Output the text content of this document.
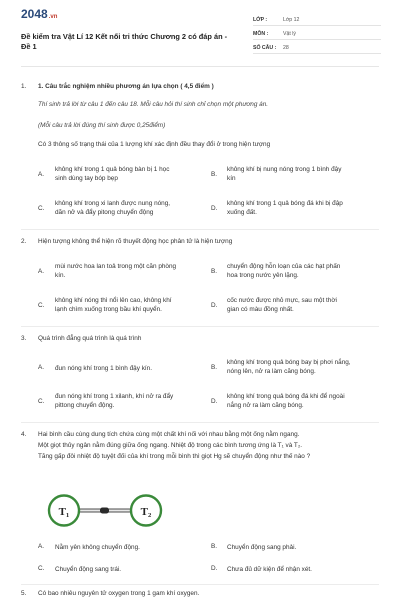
2048.vn
Đề kiểm tra Vật Lí 12 Kết nối tri thức Chương 2 có đáp án -
Đề 1
LỚP :	Lớp 12
MÔN :	Vật lý
SỐ CÂU : 28
1. 1. Câu trắc nghiệm nhiều phương án lựa chọn ( 4,5 điểm )
Thí sinh trả lời từ câu 1 đến câu 18. Mỗi câu hỏi thí sinh chỉ chọn một phương án.
(Mỗi câu trả lời đúng thí sinh được 0,25điểm)
Có 3 thông số trạng thái của 1 lượng khí xác định đều thay đổi ở trong hiện tượng
A.
không khí trong 1 quả bóng bàn bị 1 học
sinh dùng tay bóp bẹp
B.
không khí bị nung nóng trong 1 bình đậy
kín
C.
không khí trong xi lanh được nung nóng,
dãn nở và đẩy pitong chuyển động
D.
không khí trong 1 quả bóng đá khi bị đập
xuống đất.
2. Hiện tượng không thể hiện rõ thuyết động học phân tử là hiện tượng
A.
mùi nước hoa lan toả trong một căn phòng
kín.
B.
chuyển động hỗn loạn của các hạt phấn
hoa trong nước yên lặng.
C.
không khí nóng thì nổi lên cao, không khí
lạnh chìm xuống trong bầu khí quyển.
D.
cốc nước được nhỏ mực, sau một thời
gian có màu đồng nhất.
3. Quá trình đẳng quá trình là quá trình
A. đun nóng khí trong 1 bình đậy kín.	B.
không khí trong quả bóng bay bị phơi nắng,
nóng lên, nở ra làm căng bóng.
C.
đun nóng khí trong 1 xilanh, khí nở ra đẩy
pittong chuyển động.
D.
không khí trong quả bóng đá khi để ngoài
nắng nở ra làm căng bóng.
4. Hai bình cầu cùng dung tích chứa cùng một chất khí nối với nhau bằng một ống nằm ngang.
Một giọt thủy ngân nằm đúng giữa ống ngang. Nhiệt độ trong các bình tương ứng là T₁ và T₂.
Tăng gấp đôi nhiệt độ tuyệt đối của khí trong mỗi bình thì giọt Hg sẽ chuyển động như thế nào ?
T₁	T₂
A. Nằm yên không chuyển động.	B. Chuyển động sang phải.
C. Chuyển động sang trái.	D. Chưa đủ dữ kiện để nhận xét.
5. Có bao nhiêu nguyên tử oxygen trong 1 gam khí oxygen.
